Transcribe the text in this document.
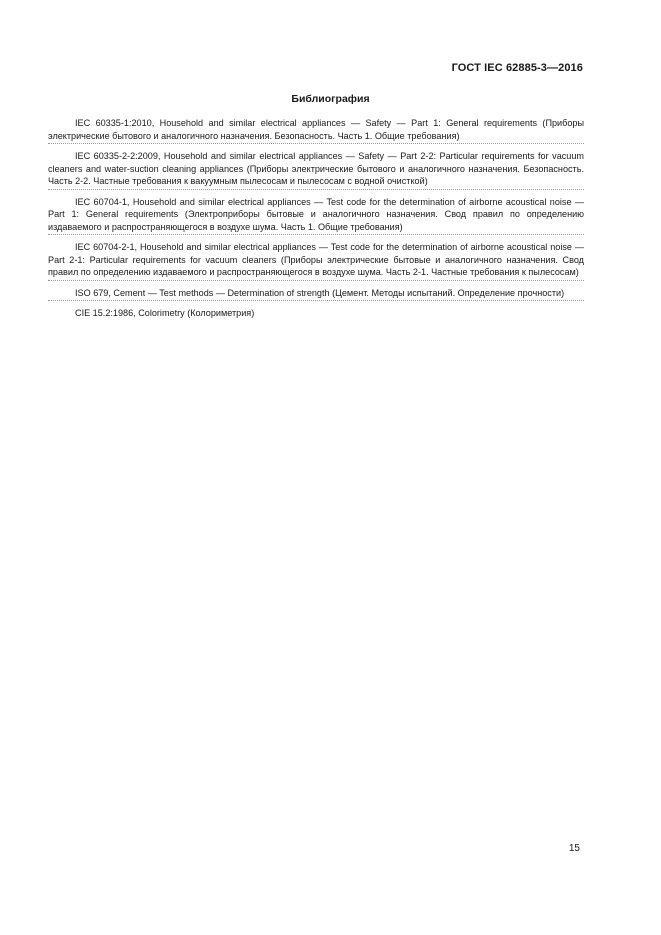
ГОСТ IEC 62885-3—2016
Библиография

IEC 60335-1:2010, Household and similar electrical appliances — Safety — Part 1: General requirements (Приборы электрические бытового и аналогичного назначения. Безопасность. Часть 1. Общие требования)

IEC 60335-2-2:2009, Household and similar electrical appliances — Safety — Part 2-2: Particular requirements for vacuum cleaners and water-suction cleaning appliances (Приборы электрические бытового и аналогичного назначения. Безопасность. Часть 2-2. Частные требования к вакуумным пылесосам и пылесосам с водной очисткой)

IEC 60704-1, Household and similar electrical appliances — Test code for the determination of airborne acoustical noise — Part 1: General requirements (Электроприборы бытовые и аналогичного назначения. Свод правил по определению издаваемого и распространяющегося в воздухе шума. Часть 1. Общие требования)

IEC 60704-2-1, Household and similar electrical appliances — Test code for the determination of airborne acoustical noise — Part 2-1: Particular requirements for vacuum cleaners (Приборы электрические бытовые и аналогичного назначения. Свод правил по определению издаваемого и распространяющегося в воздухе шума. Часть 2-1. Частные требования к пылесосам)

ISO 679, Cement — Test methods — Determination of strength (Цемент. Методы испытаний. Определение прочности)

CIE 15.2:1986, Colorimetry (Колориметрия)

15
